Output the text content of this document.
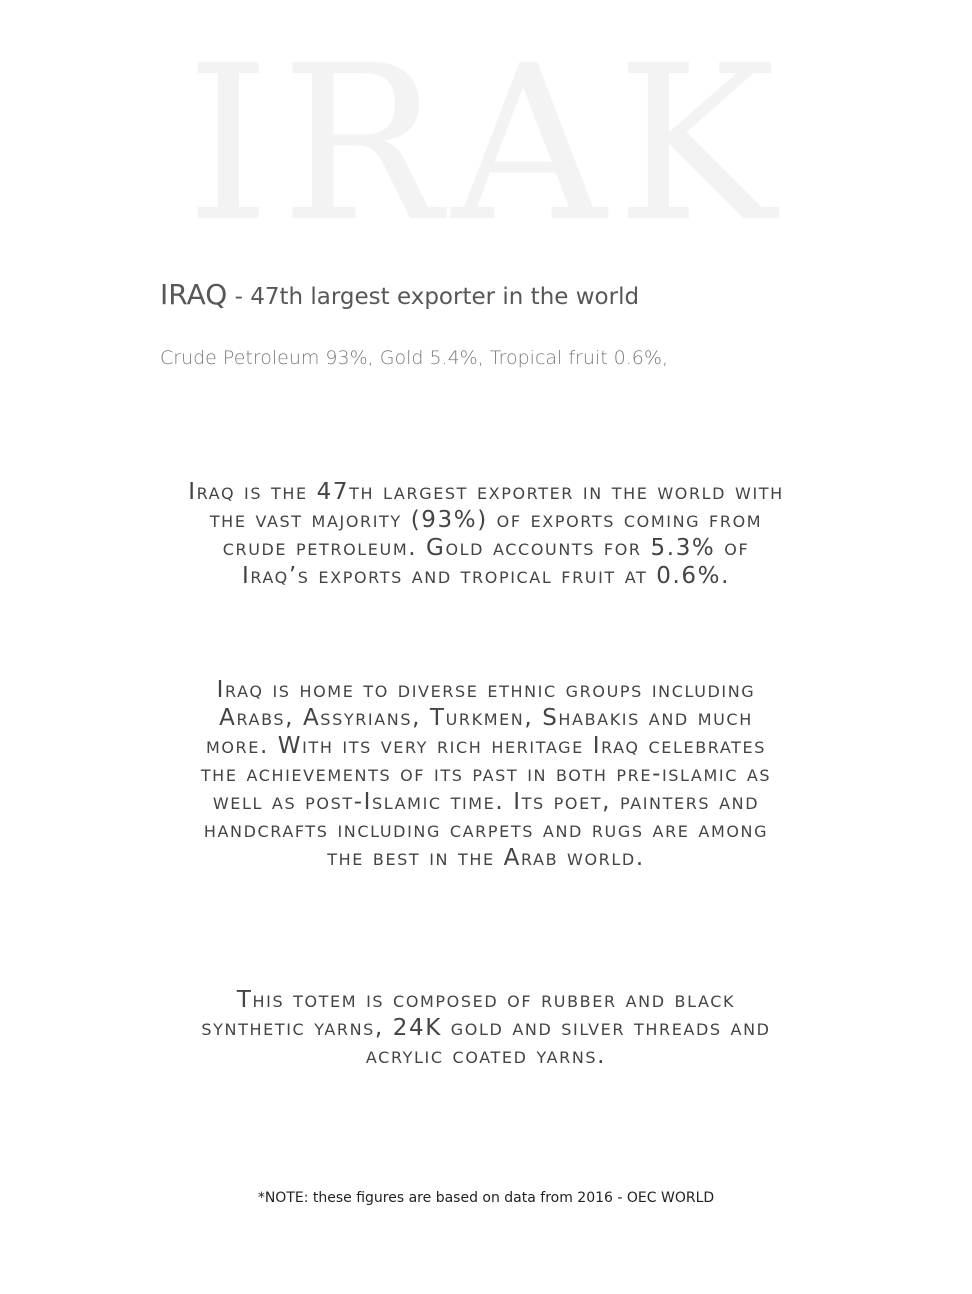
IRAK
IRAQ - 47th largest exporter in the world
Crude Petroleum 93%, Gold 5.4%, Tropical fruit 0.6%,

Iraq is the 47th largest exporter in the world with the vast majority (93%) of exports coming from crude petroleum. Gold accounts for 5.3% of Iraq’s exports and tropical fruit at 0.6%.

Iraq is home to diverse ethnic groups including Arabs, Assyrians, Turkmen, Shabakis and much more. With its very rich heritage Iraq celebrates the achievements of its past in both pre-islamic as well as post-Islamic time. Its poet, painters and handcrafts including carpets and rugs are among the best in the Arab world.

This totem is composed of rubber and black synthetic yarns, 24K gold and silver threads and acrylic coated yarns.

*NOTE: these figures are based on data from 2016 - OEC WORLD
